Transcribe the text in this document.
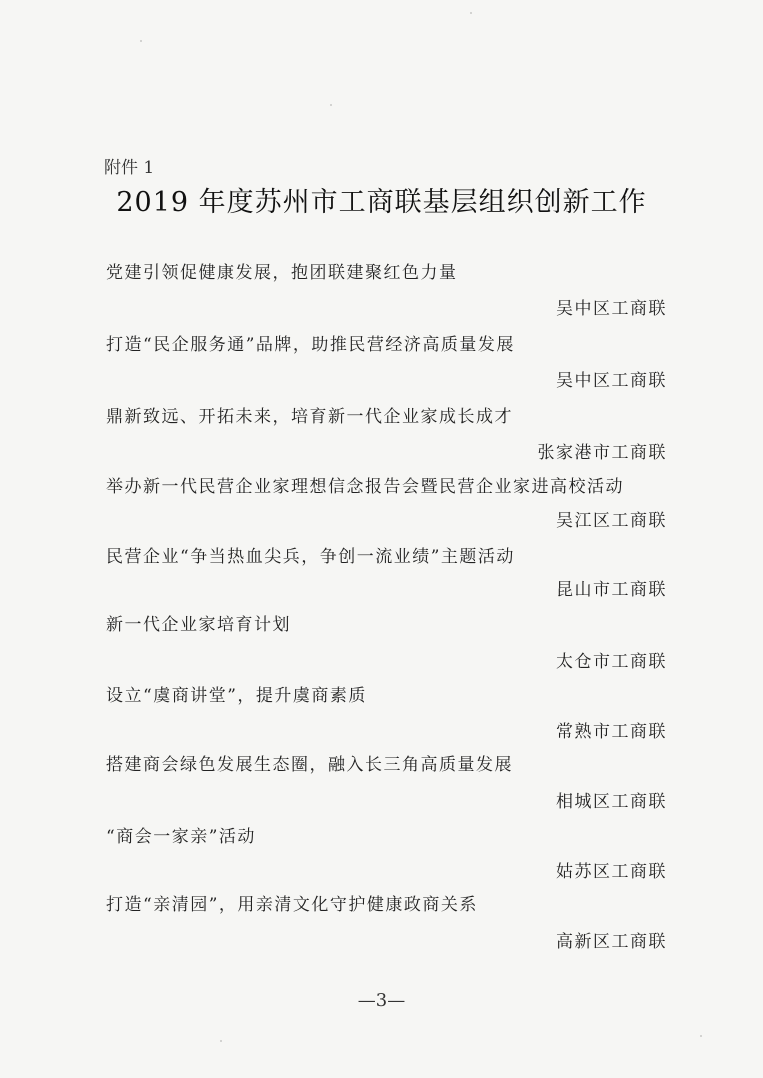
附件 1
2019 年度苏州市工商联基层组织创新工作
党建引领促健康发展，抱团联建聚红色力量
吴中区工商联
打造“民企服务通”品牌，助推民营经济高质量发展
吴中区工商联
鼎新致远、开拓未来，培育新一代企业家成长成才
张家港市工商联
举办新一代民营企业家理想信念报告会暨民营企业家进高校活动
吴江区工商联
民营企业“争当热血尖兵，争创一流业绩”主题活动
昆山市工商联
新一代企业家培育计划
太仓市工商联
设立“虞商讲堂”，提升虞商素质
常熟市工商联
搭建商会绿色发展生态圈，融入长三角高质量发展
相城区工商联
“商会一家亲”活动
姑苏区工商联
打造“亲清园”，用亲清文化守护健康政商关系
高新区工商联
—3—
